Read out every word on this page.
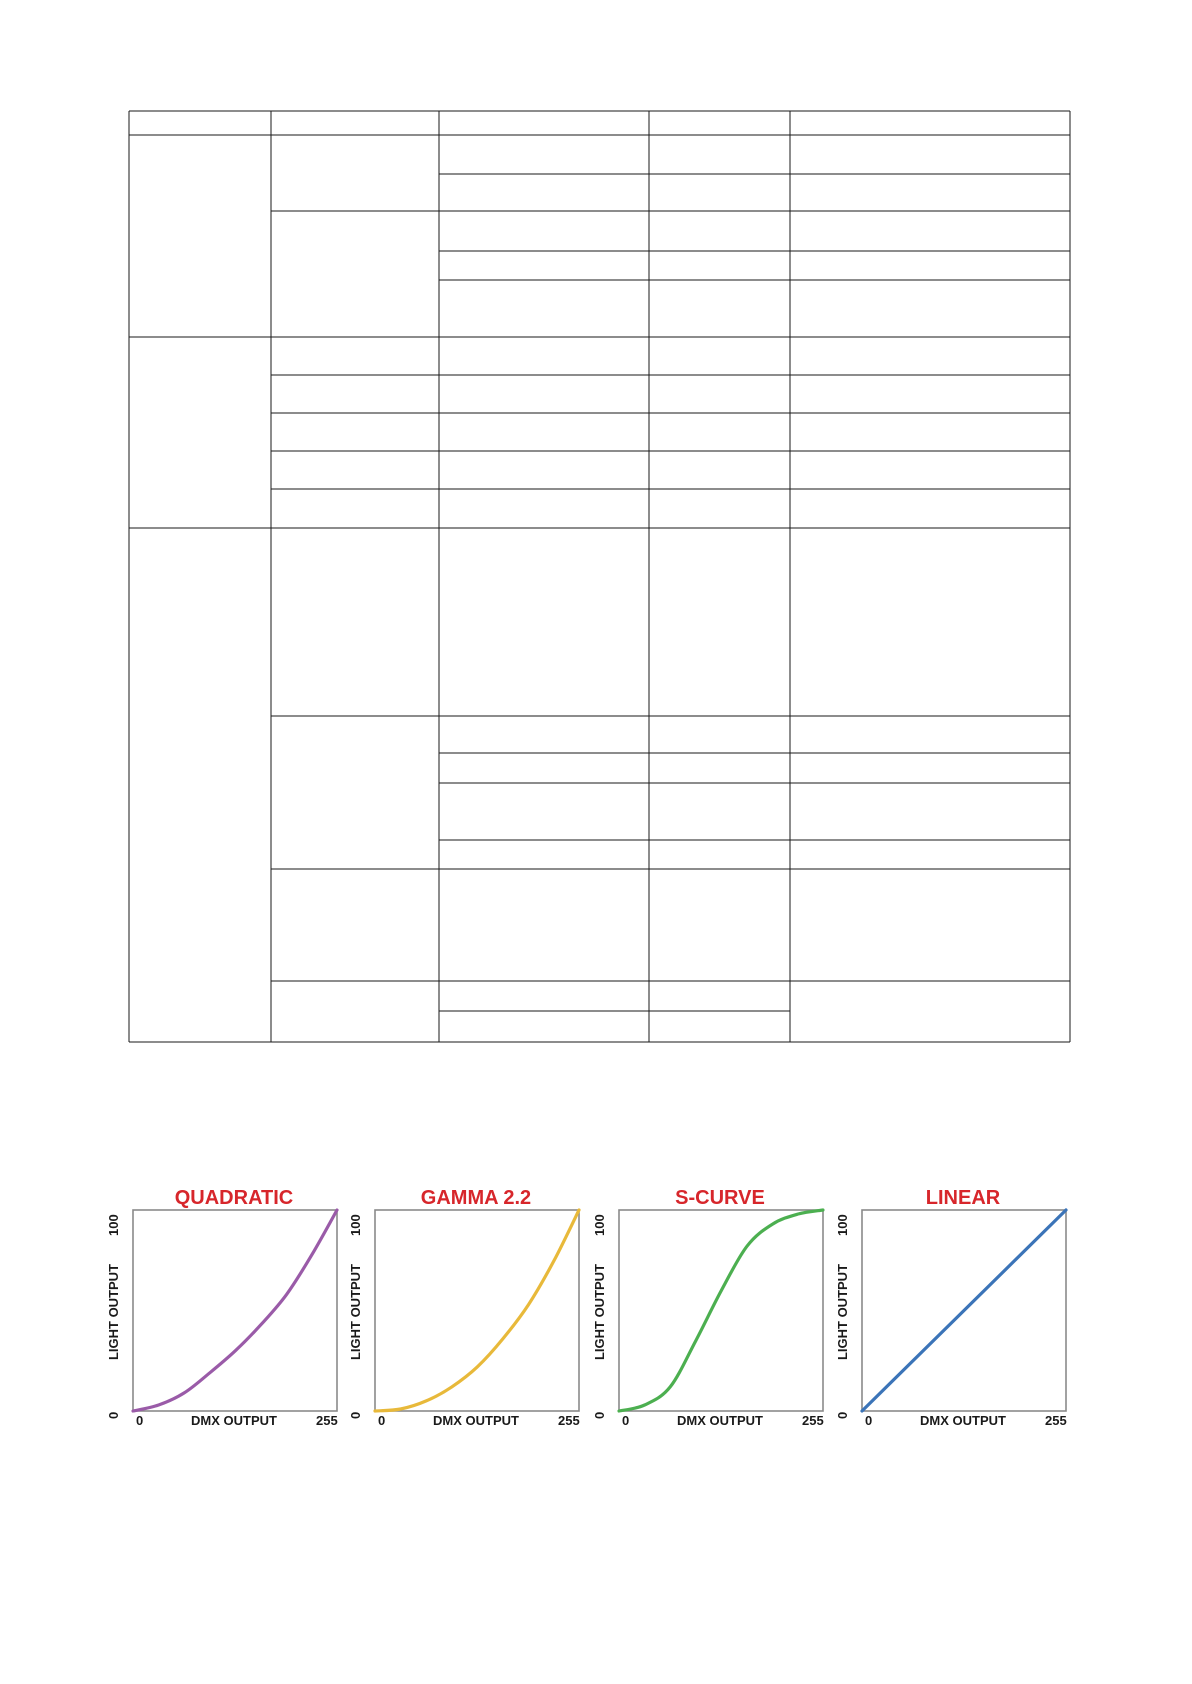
QUADRATIC
LIGHT OUTPUT
0
100
DMX OUTPUT
0	255
GAMMA 2.2
LIGHT OUTPUT
0
100
DMX OUTPUT
0	255
S-CURVE
LIGHT OUTPUT
0
100
DMX OUTPUT
0	255
LINEAR
LIGHT OUTPUT
0
100
DMX OUTPUT
0	255
